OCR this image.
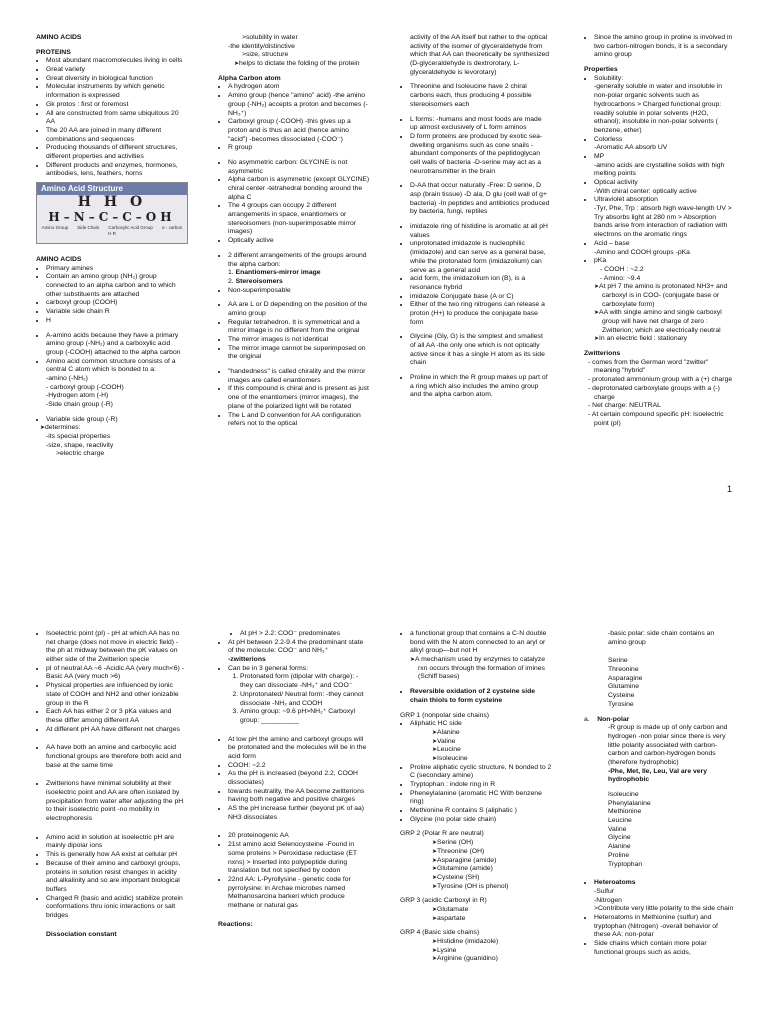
AMINO ACIDS
PROTEINS
• Most abundant macromolecules living in cells
• Great variety
• Great diversity in biological function
• Molecular instruments by which genetic information is expressed
• Gk protos : first or foremost
• All are constructed from same ubiquitous 20 AA
• The 20 AA are joined in many different combinations and sequences
• Producing thousands of different structures, different properties and activities
• Different products and enzymes, hormones, antibodies, lens, feathers, horns
Amino Acid Structure
H H O
H–N–C–C–OH
Amino Group Side Chain Carboxylic Acid Group α - carbon
H R
AMINO ACIDS
• Primary amines
• Contain an amino group (NH₂) group connected to an alpha carbon and to which other substituents are attached
• carboxyl group (COOH)
• Variable side chain R
• H
• A-amino acids because they have a primary amino group (-NH₂) and a carboxylic acid group (-COOH) attached to the alpha carbon
• Amino acid common structure consists of a central C atom which is bonded to a:
-amino (-NH₂)
- carboxyl group (-COOH)
-Hydrogen atom (-H)
-Side chain group (-R)
• Variable side group (-R)
➤ determines:
-its special properties
-size, shape, reactivity
>electric charge
>solubility in water
-the identity/distinctive
>size, structure
➤ helps to dictate the folding of the protein
Alpha Carbon atom
• A hydrogen atom
• Amino group (hence "amino" acid) -the amino group (-NH₂) accepts a proton and becomes (-NH₃⁺)
• Carboxyl group (-COOH) -this gives up a proton and is thus an acid (hence amino "acid") -becomes dissociated (-COO⁻)
• R group
• No asymmetric carbon: GLYCINE is not asymmetric
• Alpha carbon is asymmetric (except GLYCINE) chiral center -tetrahedral bonding around the alpha C
• The 4 groups can occupy 2 different arrangements in space, enantiomers or stereoisomers (non-superimposable mirror images)
• Optically active
• 2 different arrangements of the groups around the alpha carbon:
1. Enantiomers-mirror image
2. Stereoisomers
• Non-superimposable
• AA are L or D depending on the position of the amino group
• Regular tetrahedron. It is symmetrical and a mirror image is no different from the original
• The mirror images is not identical
• The mirror image cannot be superimposed on the original
• "handedness" is called chirality and the mirror images are called enantiomers
• If this compound is chiral and is present as just one of the enantiomers (mirror images), the plane of the polarized light will be rotated
• The L and D convention for AA configuration refers not to the optical
activity of the AA itself but rather to the optical activity of the isomer of glyceraldehyde from which that AA can theoretically be synthesized (D-glyceraldehyde is dextrorotary, L-glyceraldehyde is levorotary)
• Threonine and Isoleucine have 2 chiral carbons each, thus producing 4 possible stereoisomers each
• L forms: -humans and most foods are made up almost exclusively of L form aminos
• D form proteins are produced by exotic sea-dwelling organisms such as cone snails -abundant components of the peptidoglycan cell walls of bacteria -D-serine may act as a neurotransmitter in the brain
• D-AA that occur naturally -Free: D serine, D asp (brain tissue) -D ala, D glu (cell wall of g+ bacteria) -In peptides and antibiotics produced by bacteria, fungi, reptiles
• imidazole ring of histidine is aromatic at all pH values
• unprotonated imidazole is nucleophilic (imidazole) and can serve as a general base, while the protonated form (imidazolium) can serve as a general acid
• acid form, the imidazolium ion (B), is a resonance hybrid
• imidazole Conjugate base (A or C)
• Either of the two ring nitrogens can release a proton (H+) to produce the conjugate base form
• Glycine (Gly, G) is the simplest and smallest of all AA -the only one which is not optically active since it has a single H atom as its side chain
• Proline in which the R group makes up part of a ring which also includes the amino group and the alpha carbon atom.
• Since the amino group in proline is involved in two carbon-nitrogen bonds, it is a secondary amino group
Properties
• Solubility:
-generally soluble in water and insoluble in non-polar organic solvents such as hydrocarbons > Charged functional group: readily soluble in polar solvents (H2O, ethanol); insoluble in non-polar solvents ( benzene, ether)
• Colorless
-Aromatic AA absorb UV
• MP
-amino acids are crystalline solids with high melting points
• Optical activity
-With chiral center: optically active
• Ultraviolet absorption
-Tyr, Phe, Trp : absorb high wave-length UV > Try absorbs light at 280 nm > Absorption bands arise from interaction of radiation with electrons on the aromatic rings
• Acid – base
-Amino and COOH groups -pKa
• pKa
- COOH : ~2.2
- Amino: ~9.4
➤ At pH 7 the amino is protonated NH3+ and carboxyl is in COO- (conjugate base or carboxylate form)
➤ AA with single amino and single carboxyl group will have net charge of zero : Zwitterion; which are electrically neutral
➤ In an electric field : stationary
Zwitterions
- comes from the German word "zwitter" meaning "hybrid"
- protonated ammonium group with a (+) charge
- deprotonated carboxylate groups with a (-) charge
- Net charge: NEUTRAL
- At certain compound specific pH: Isoelectric point (pI)
1
• Isoelectric point (pI) - pH at which AA has no net charge (does not move in electric field) -the ph at midway between the pK values on either side of the Zwitterion specie
• pI of neutral AA ~6 -Acidic AA (very much<6) -Basic AA (very much >6)
• Physical properties are influenced by ionic state of COOH and NH2 and other ionizable group in the R
• Each AA has either 2 or 3 pKa values and these differ among different AA
• At different pH AA have different net charges
• AA have both an amine and carbocylic acid functional groups are therefore both acid and base at the same time
• Zwitterions have minimal solubility at their isoelectric point and AA are often isolated by precipitation from water after adjusting the pH to their isoelectric point -no mobility in electrophoresis
• Amino acid in solution at isoelectric pH are mainly dipolar ions
• This is generally how AA exist at cellular pH
• Because of their amino and carboxyl groups, proteins in solution resist changes in acidity and alkalinity and so are important biological buffers
• Charged R (basic and acidic) stabilize protein conformations thru ionic interactions or salt bridges
Dissociation constant
• At pH > 2.2: COO⁻ predominates
• At pH between 2.2-9.4 the predominant state of the molecule: COO⁻ and NH₃⁺
-zwitterions
• Can be in 3 general forms:
1. Protonated form (dipolar with charge): -they can dissociate -NH₃⁺ and COO⁻
2. Unprotonated/ Neutral form: -they cannot dissociate -NH₂ and COOH
3. Amino group: ~9.6 pH>NH₂⁺ Carboxyl group: __________
• At low pH the amino and carboxyl groups will be protonated and the molecules will be in the acid form
• COOH: ~2.2
• As the pH is increased (beyond 2.2, COOH dissociates)
• towards neutrality, the AA become zwitterions having both negative and positive charges
• AS the pH increase further (beyond pK of aa) NH3 dissociates
• 20 proteinogenic AA
• 21st amino acid Selenocysteine -Found in some proteins > Peroxidase reductase (ET nxns) > Inserted into polypeptide during translation but not specified by codon
• 22nd AA: L-Pyrollysine - genetic code for pyrrolysine: in Archae microbes named Methanosarcina barkeri which produce methane or natural gas
Reactions:
• a functional group that contains a C-N double bond with the N atom connected to an aryl or alkyl group—but not H
➤ A mechanism used by enzymes to catalyze rxn occurs through the formation of imines (Schiff bases)
• Reversible oxidation of 2 cysteine side chain thiols to form cysteine
GRP 1 (nonpolar side chains)
• Aliphatic HC side
➤ Alanine
➤ Valine
➤ Leucine
➤ Isoleucine
• Proline aliphatic cyclic structure, N bonded to 2 C (secondary amine)
• Tryptophan : indole ring in R
• Pheneylalanine (aromatic HC With benzene ring)
• Methionine R contains S (aliphatic )
• Glycine (no polar side chain)
GRP 2 (Polar R are neutral)
➤ Serine (OH)
➤ Threonine (OH)
➤ Asparagine (amide)
➤ Glutamine (amide)
➤ Cysteine (SH)
➤ Tyrosine (OH is phenol)
GRP 3 (acidic Carboxyl in R)
➤ Glutamate
➤ aspartate
GRP 4 (Basic side chains)
➤ Histidine (imidazole)
➤ Lysine
➤ Arginine (guanidino)
-basic polar: side chain contains an amino group
Serine
Threonine
Asparagine
Glutamine
Cysteine
Tyrosine
a. Non-polar
-R group is made up of only carbon and hydrogen -non polar since there is very little polarity associated with carbon-carbon and carbon-hydrogen bonds (therefore hydrophobic)
-Phe, Met, Ile, Leu, Val are very hydrophobic
Isoleucine
Phenylalanine
Methionine
Leucine
Valine
Glycine
Alanine
Proline
Tryptophan
• Heteroatoms
-Sulfur
-Nitrogen
>Contribute very little polarity to the side chain
• Heteroatoms in Methionine (sulfur) and tryptophan (Nitrogen) -overall behavior of these AA: non-polar
• Side chains which contain more polar functional groups such as acids,
